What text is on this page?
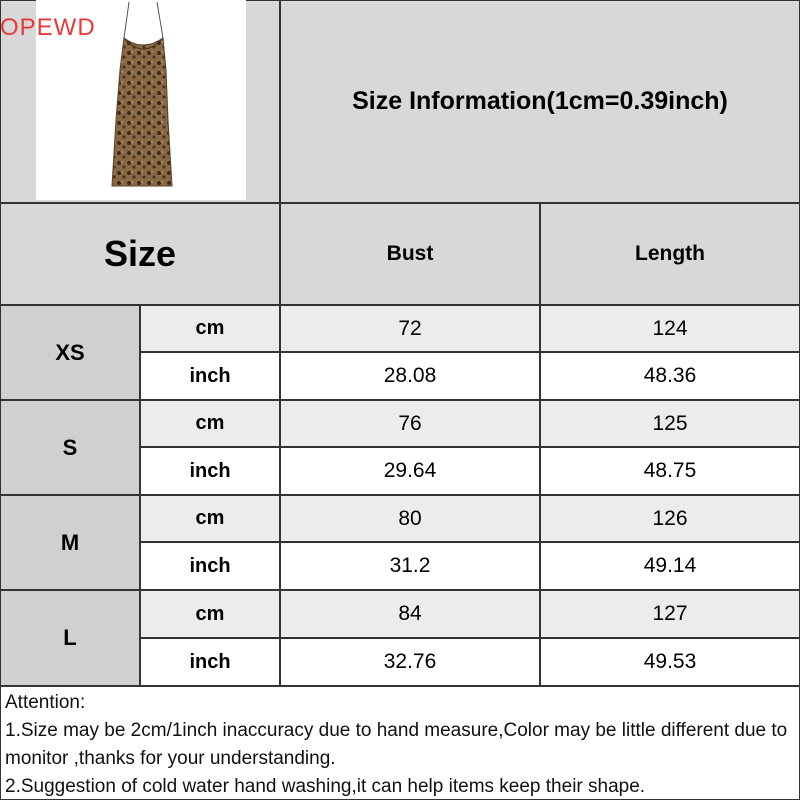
OPEWD
Size Information(1cm=0.39inch)
Size	Bust	Length
XS
cm	72	124
inch	28.08	48.36
S
cm	76	125
inch	29.64	48.75
M
cm	80	126
inch	31.2	49.14
L
cm	84	127
inch	32.76	49.53

Attention:

1.Size may be 2cm/1inch inaccuracy due to hand measure,Color may be little different due to monitor ,thanks for your understanding.

2.Suggestion of cold water hand washing,it can help items keep their shape.
